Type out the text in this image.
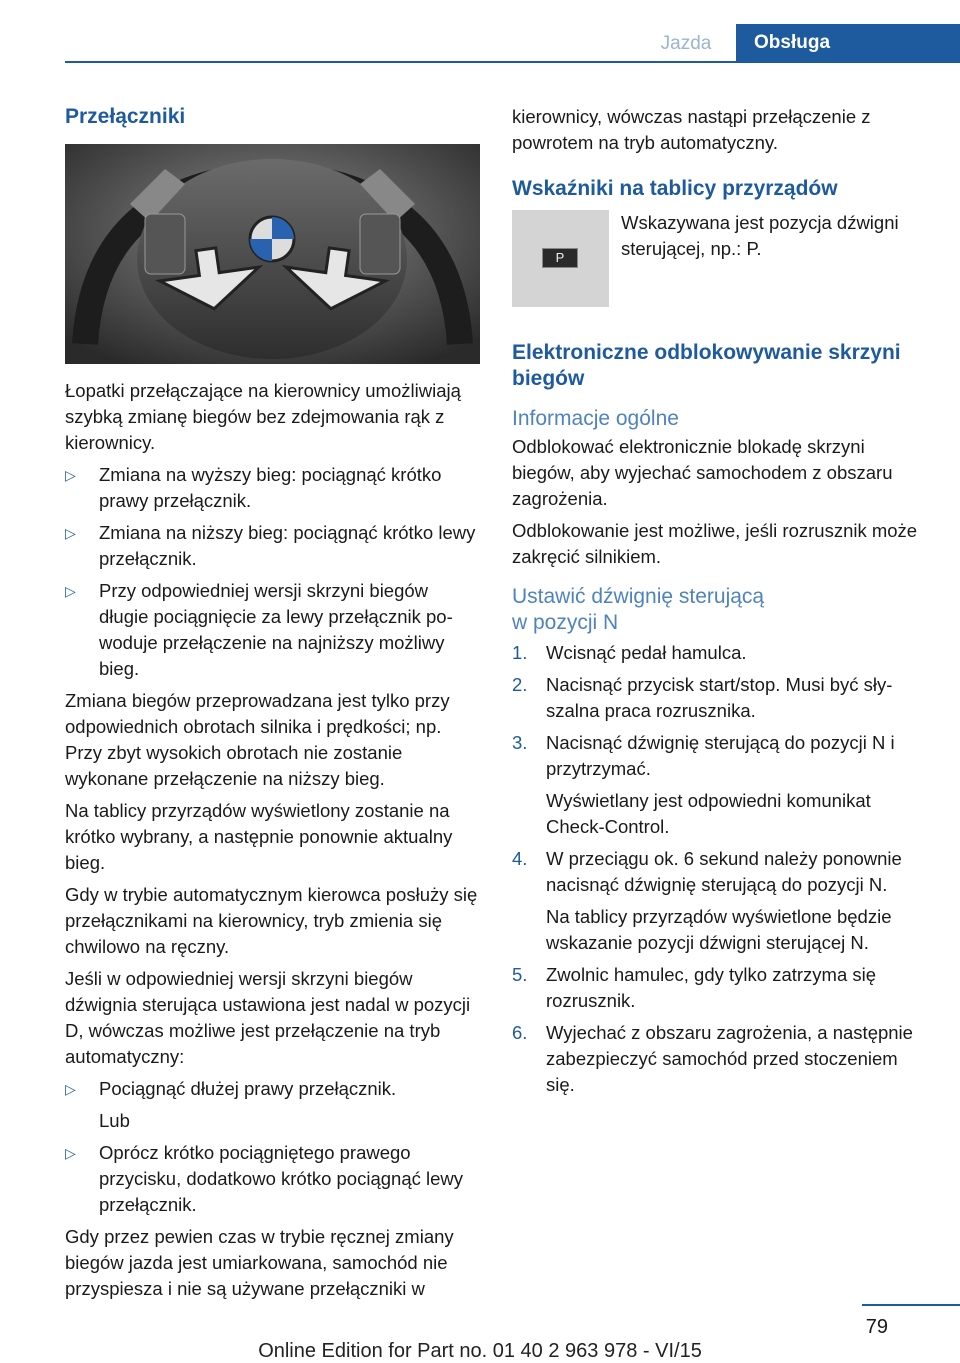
Jazda	Obsługa
Przełączniki

Łopatki przełączające na kierownicy umożliwiają szybką zmianę biegów bez zdejmowania rąk z kierownicy.

▷ Zmiana na wyższy bieg: pociągnąć krótko prawy przełącznik.
▷ Zmiana na niższy bieg: pociągnąć krótko lewy przełącznik.
▷ Przy odpowiedniej wersji skrzyni biegów długie pociągnięcie za lewy przełącznik powoduje przełączenie na najniższy możliwy bieg.

Zmiana biegów przeprowadzana jest tylko przy odpowiednich obrotach silnika i prędkości; np. Przy zbyt wysokich obrotach nie zostanie wykonane przełączenie na niższy bieg.

Na tablicy przyrządów wyświetlony zostanie na krótko wybrany, a następnie ponownie aktualny bieg.

Gdy w trybie automatycznym kierowca posłuży się przełącznikami na kierownicy, tryb zmienia się chwilowo na ręczny.

Jeśli w odpowiedniej wersji skrzyni biegów dźwignia sterująca ustawiona jest nadal w pozycji D, wówczas możliwe jest przełączenie na tryb automatyczny:

▷ Pociągnąć dłużej prawy przełącznik.

Lub

▷ Oprócz krótko pociągniętego prawego przycisku, dodatkowo krótko pociągnąć lewy przełącznik.

Gdy przez pewien czas w trybie ręcznej zmiany biegów jazda jest umiarkowana, samochód nie przyspiesza i nie są używane przełączniki w

kierownicy, wówczas nastąpi przełączenie z powrotem na tryb automatyczny.

Wskaźniki na tablicy przyrządów
P
Wskazywana jest pozycja dźwigni sterującej, np.: P.
Elektroniczne odblokowywanie skrzyni biegów
Informacje ogólne

Odblokować elektronicznie blokadę skrzyni biegów, aby wyjechać samochodem z obszaru zagrożenia.

Odblokowanie jest możliwe, jeśli rozrusznik może zakręcić silnikiem.

Ustawić dźwignię sterującą
w pozycji N
1. Wcisnąć pedał hamulca.
2. Nacisnąć przycisk start/stop. Musi być słyszalna praca rozrusznika.
3. Nacisnąć dźwignię sterującą do pozycji N i przytrzymać.

Wyświetlany jest odpowiedni komunikat Check-Control.

4. W przeciągu ok. 6 sekund należy ponownie nacisnąć dźwignię sterującą do pozycji N.

Na tablicy przyrządów wyświetlone będzie wskazanie pozycji dźwigni sterującej N.

5. Zwolnic hamulec, gdy tylko zatrzyma się rozrusznik.
6. Wyjechać z obszaru zagrożenia, a następnie zabezpieczyć samochód przed stoczeniem się.
79
Online Edition for Part no. 01 40 2 963 978 - VI/15
